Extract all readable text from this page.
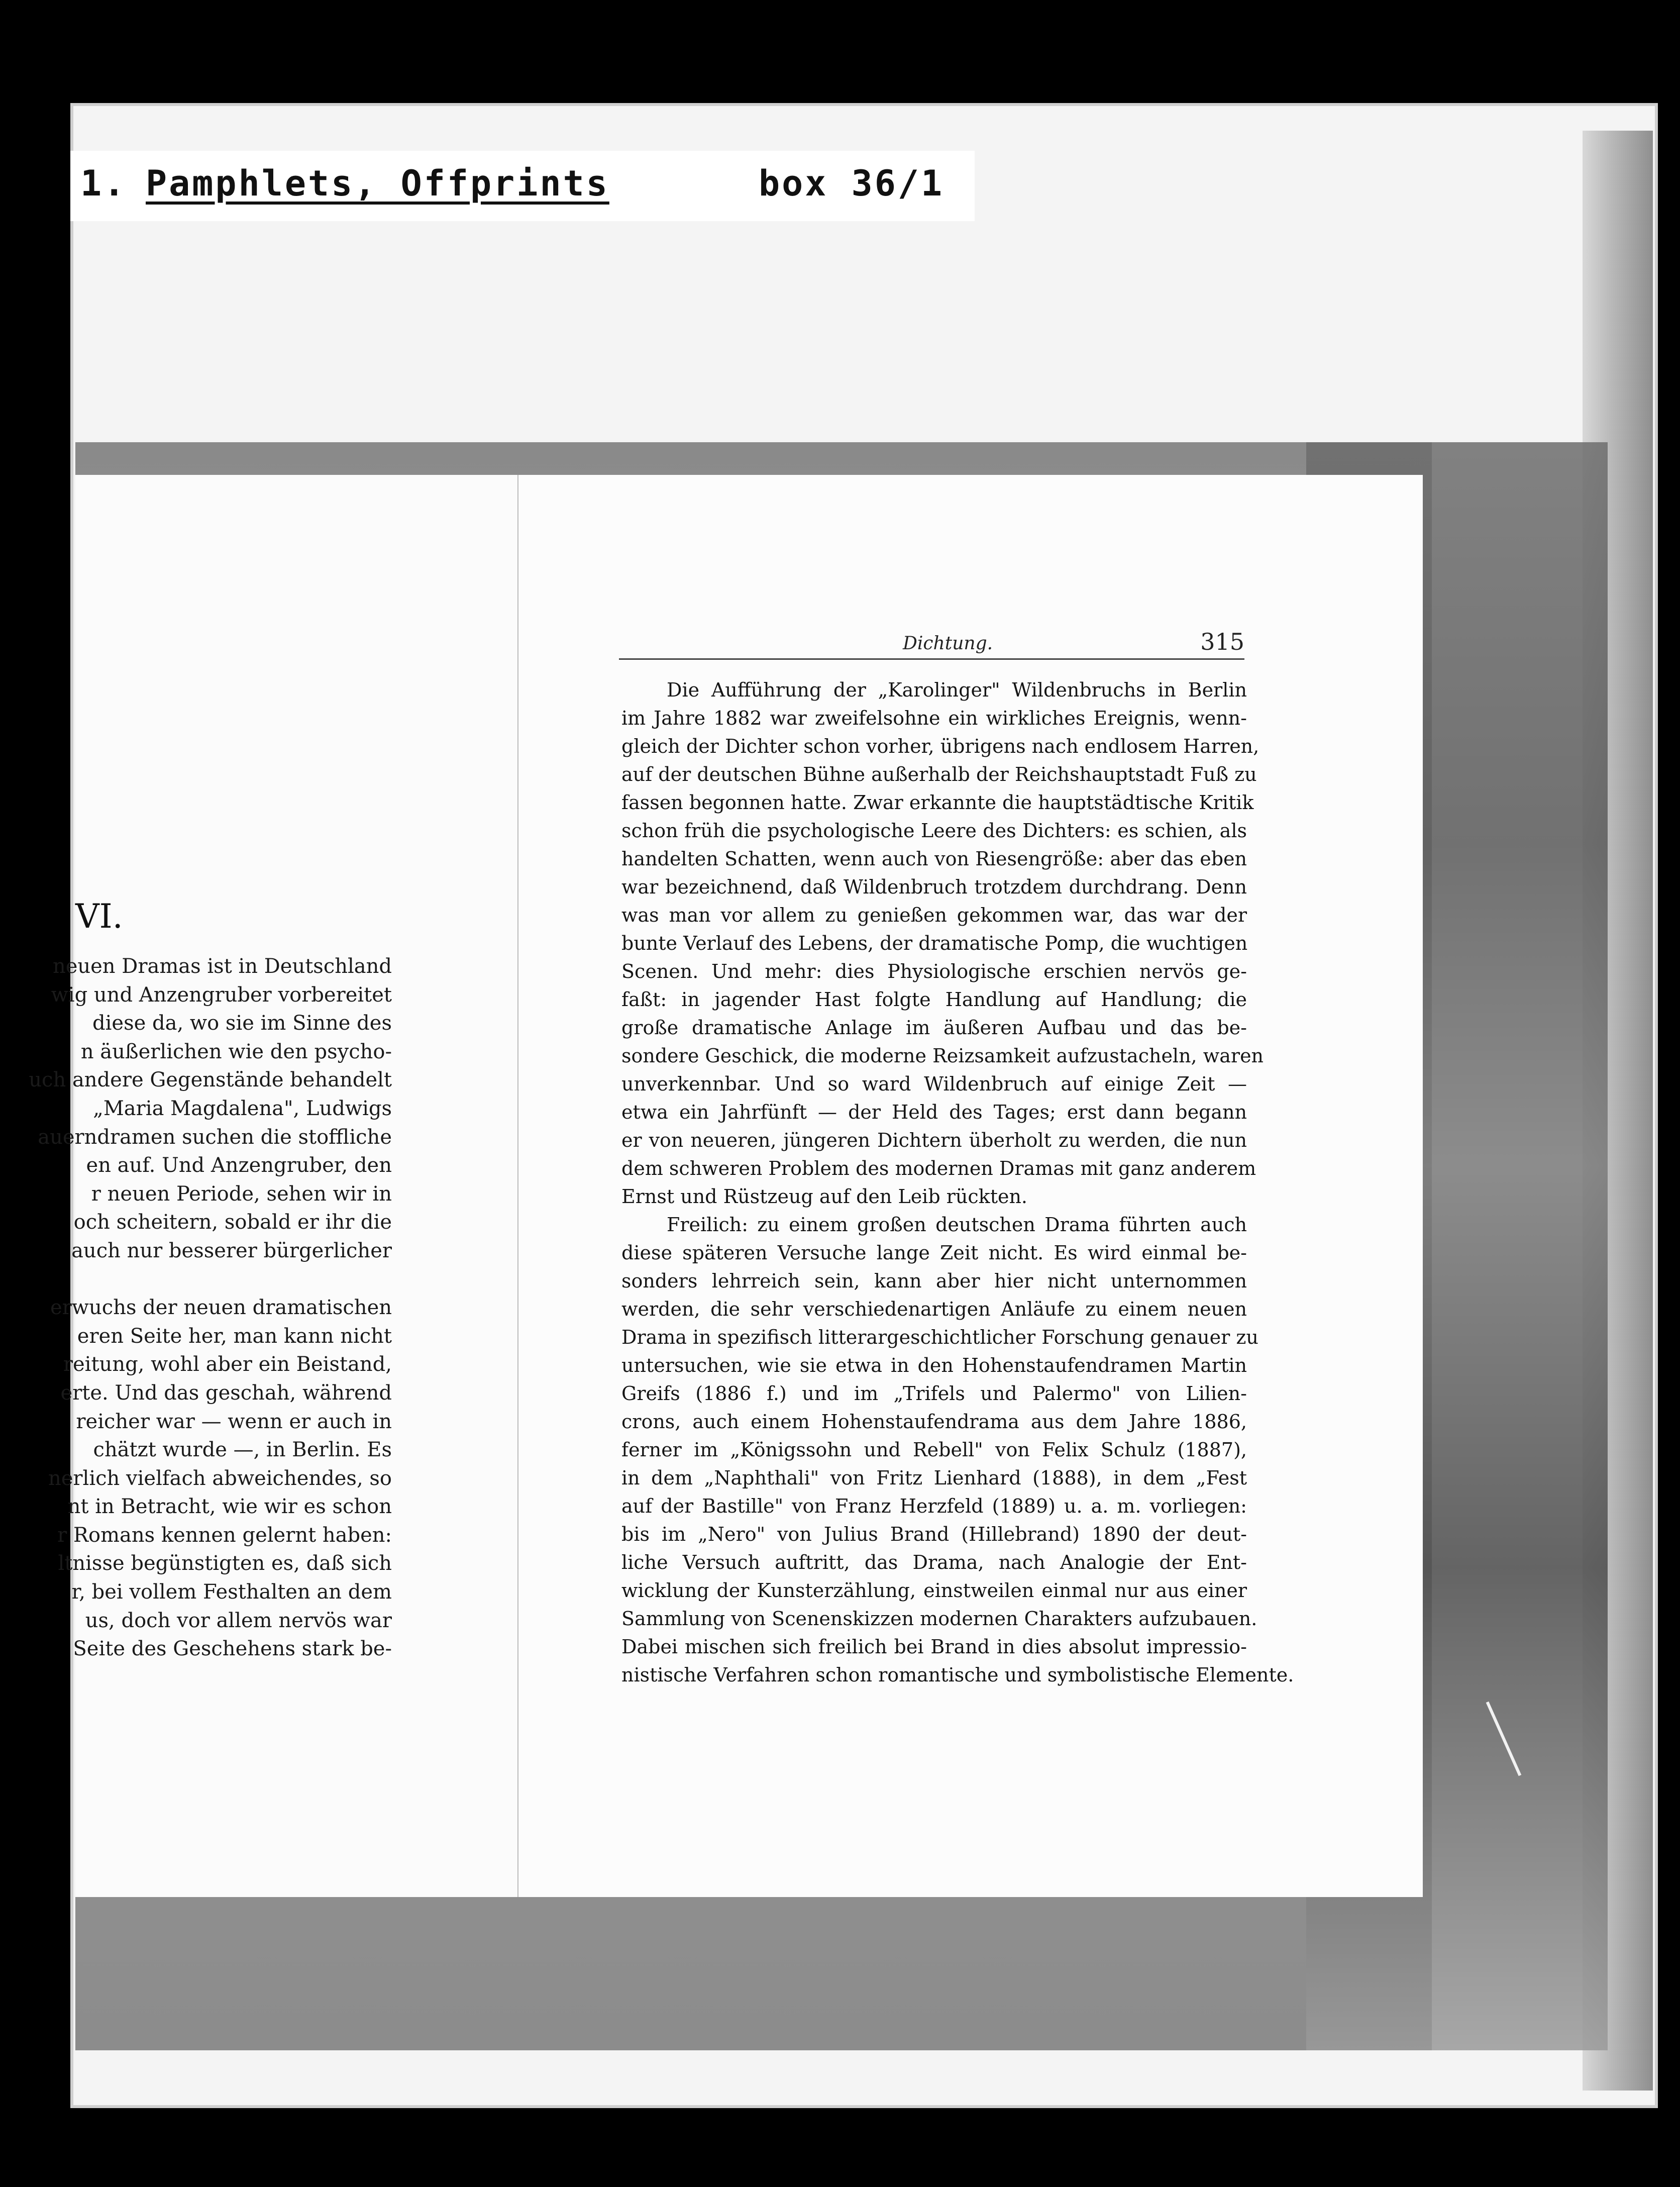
1. Pamphlets, Offprints	box 36/1
VI.
neuen Dramas ist in Deutschland
wig und Anzengruber vorbereitet
diese da, wo sie im Sinne des
n äußerlichen wie den psycho-
uch andere Gegenstände behandelt
„Maria Magdalena", Ludwigs
auerndramen suchen die stoffliche
en auf. Und Anzengruber, den
r neuen Periode, sehen wir in
och scheitern, sobald er ihr die
auch nur besserer bürgerlicher
erwuchs der neuen dramatischen
eren Seite her, man kann nicht
reitung, wohl aber ein Beistand,
erte. Und das geschah, während
reicher war — wenn er auch in
chätzt wurde —, in Berlin. Es
nerlich vielfach abweichendes, so
nt in Betracht, wie wir es schon
r Romans kennen gelernt haben:
ltnisse begünstigten es, daß sich
r, bei vollem Festhalten an dem
us, doch vor allem nervös war
Seite des Geschehens stark be-
Dichtung.	315
Die Aufführung der „Karolinger" Wildenbruchs in Berlin
im Jahre 1882 war zweifelsohne ein wirkliches Ereignis, wenn-
gleich der Dichter schon vorher, übrigens nach endlosem Harren,
auf der deutschen Bühne außerhalb der Reichshauptstadt Fuß zu
fassen begonnen hatte. Zwar erkannte die hauptstädtische Kritik
schon früh die psychologische Leere des Dichters: es schien, als
handelten Schatten, wenn auch von Riesengröße: aber das eben
war bezeichnend, daß Wildenbruch trotzdem durchdrang. Denn
was man vor allem zu genießen gekommen war, das war der
bunte Verlauf des Lebens, der dramatische Pomp, die wuchtigen
Scenen. Und mehr: dies Physiologische erschien nervös ge-
faßt: in jagender Hast folgte Handlung auf Handlung; die
große dramatische Anlage im äußeren Aufbau und das be-
sondere Geschick, die moderne Reizsamkeit aufzustacheln, waren
unverkennbar. Und so ward Wildenbruch auf einige Zeit —
etwa ein Jahrfünft — der Held des Tages; erst dann begann
er von neueren, jüngeren Dichtern überholt zu werden, die nun
dem schweren Problem des modernen Dramas mit ganz anderem
Ernst und Rüstzeug auf den Leib rückten.
Freilich: zu einem großen deutschen Drama führten auch
diese späteren Versuche lange Zeit nicht. Es wird einmal be-
sonders lehrreich sein, kann aber hier nicht unternommen
werden, die sehr verschiedenartigen Anläufe zu einem neuen
Drama in spezifisch litterargeschichtlicher Forschung genauer zu
untersuchen, wie sie etwa in den Hohenstaufendramen Martin
Greifs (1886 f.) und im „Trifels und Palermo" von Lilien-
crons, auch einem Hohenstaufendrama aus dem Jahre 1886,
ferner im „Königssohn und Rebell" von Felix Schulz (1887),
in dem „Naphthali" von Fritz Lienhard (1888), in dem „Fest
auf der Bastille" von Franz Herzfeld (1889) u. a. m. vorliegen:
bis im „Nero" von Julius Brand (Hillebrand) 1890 der deut-
liche Versuch auftritt, das Drama, nach Analogie der Ent-
wicklung der Kunsterzählung, einstweilen einmal nur aus einer
Sammlung von Scenenskizzen modernen Charakters aufzubauen.
Dabei mischen sich freilich bei Brand in dies absolut impressio-
nistische Verfahren schon romantische und symbolistische Elemente.
